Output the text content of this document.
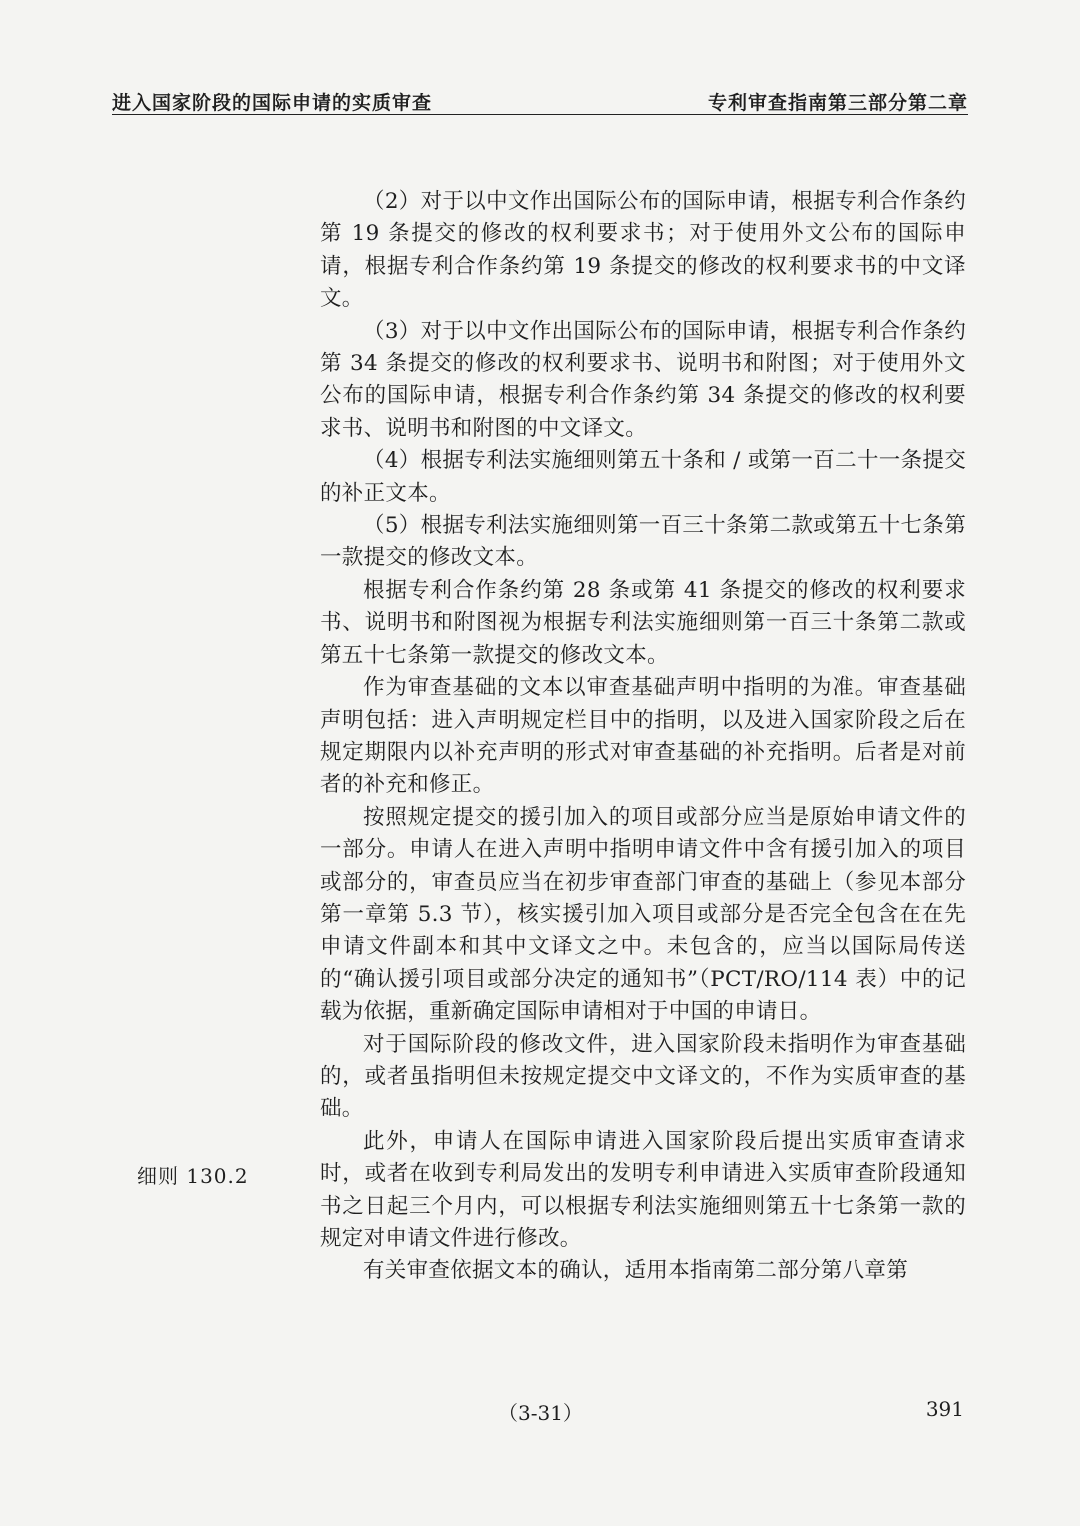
进入国家阶段的国际申请的实质审查	专利审查指南第三部分第二章
细则 130.2

（2）对于以中文作出国际公布的国际申请，根据专利合作条约第 19 条提交的修改的权利要求书；对于使用外文公布的国际申请，根据专利合作条约第 19 条提交的修改的权利要求书的中文译文。

（3）对于以中文作出国际公布的国际申请，根据专利合作条约第 34 条提交的修改的权利要求书、说明书和附图；对于使用外文公布的国际申请，根据专利合作条约第 34 条提交的修改的权利要求书、说明书和附图的中文译文。

（4）根据专利法实施细则第五十条和 / 或第一百二十一条提交的补正文本。

（5）根据专利法实施细则第一百三十条第二款或第五十七条第一款提交的修改文本。

根据专利合作条约第 28 条或第 41 条提交的修改的权利要求书、说明书和附图视为根据专利法实施细则第一百三十条第二款或第五十七条第一款提交的修改文本。

作为审查基础的文本以审查基础声明中指明的为准。审查基础声明包括：进入声明规定栏目中的指明，以及进入国家阶段之后在规定期限内以补充声明的形式对审查基础的补充指明。后者是对前者的补充和修正。

按照规定提交的援引加入的项目或部分应当是原始申请文件的一部分。申请人在进入声明中指明申请文件中含有援引加入的项目或部分的，审查员应当在初步审查部门审查的基础上（参见本部分第一章第 5.3 节），核实援引加入项目或部分是否完全包含在在先申请文件副本和其中文译文之中。未包含的，应当以国际局传送的“确认援引项目或部分决定的通知书”（PCT/RO/114 表）中的记载为依据，重新确定国际申请相对于中国的申请日。

对于国际阶段的修改文件，进入国家阶段未指明作为审查基础的，或者虽指明但未按规定提交中文译文的，不作为实质审查的基础。

此外，申请人在国际申请进入国家阶段后提出实质审查请求时，或者在收到专利局发出的发明专利申请进入实质审查阶段通知书之日起三个月内，可以根据专利法实施细则第五十七条第一款的规定对申请文件进行修改。

有关审查依据文本的确认，适用本指南第二部分第八章第

（3-31）	391
